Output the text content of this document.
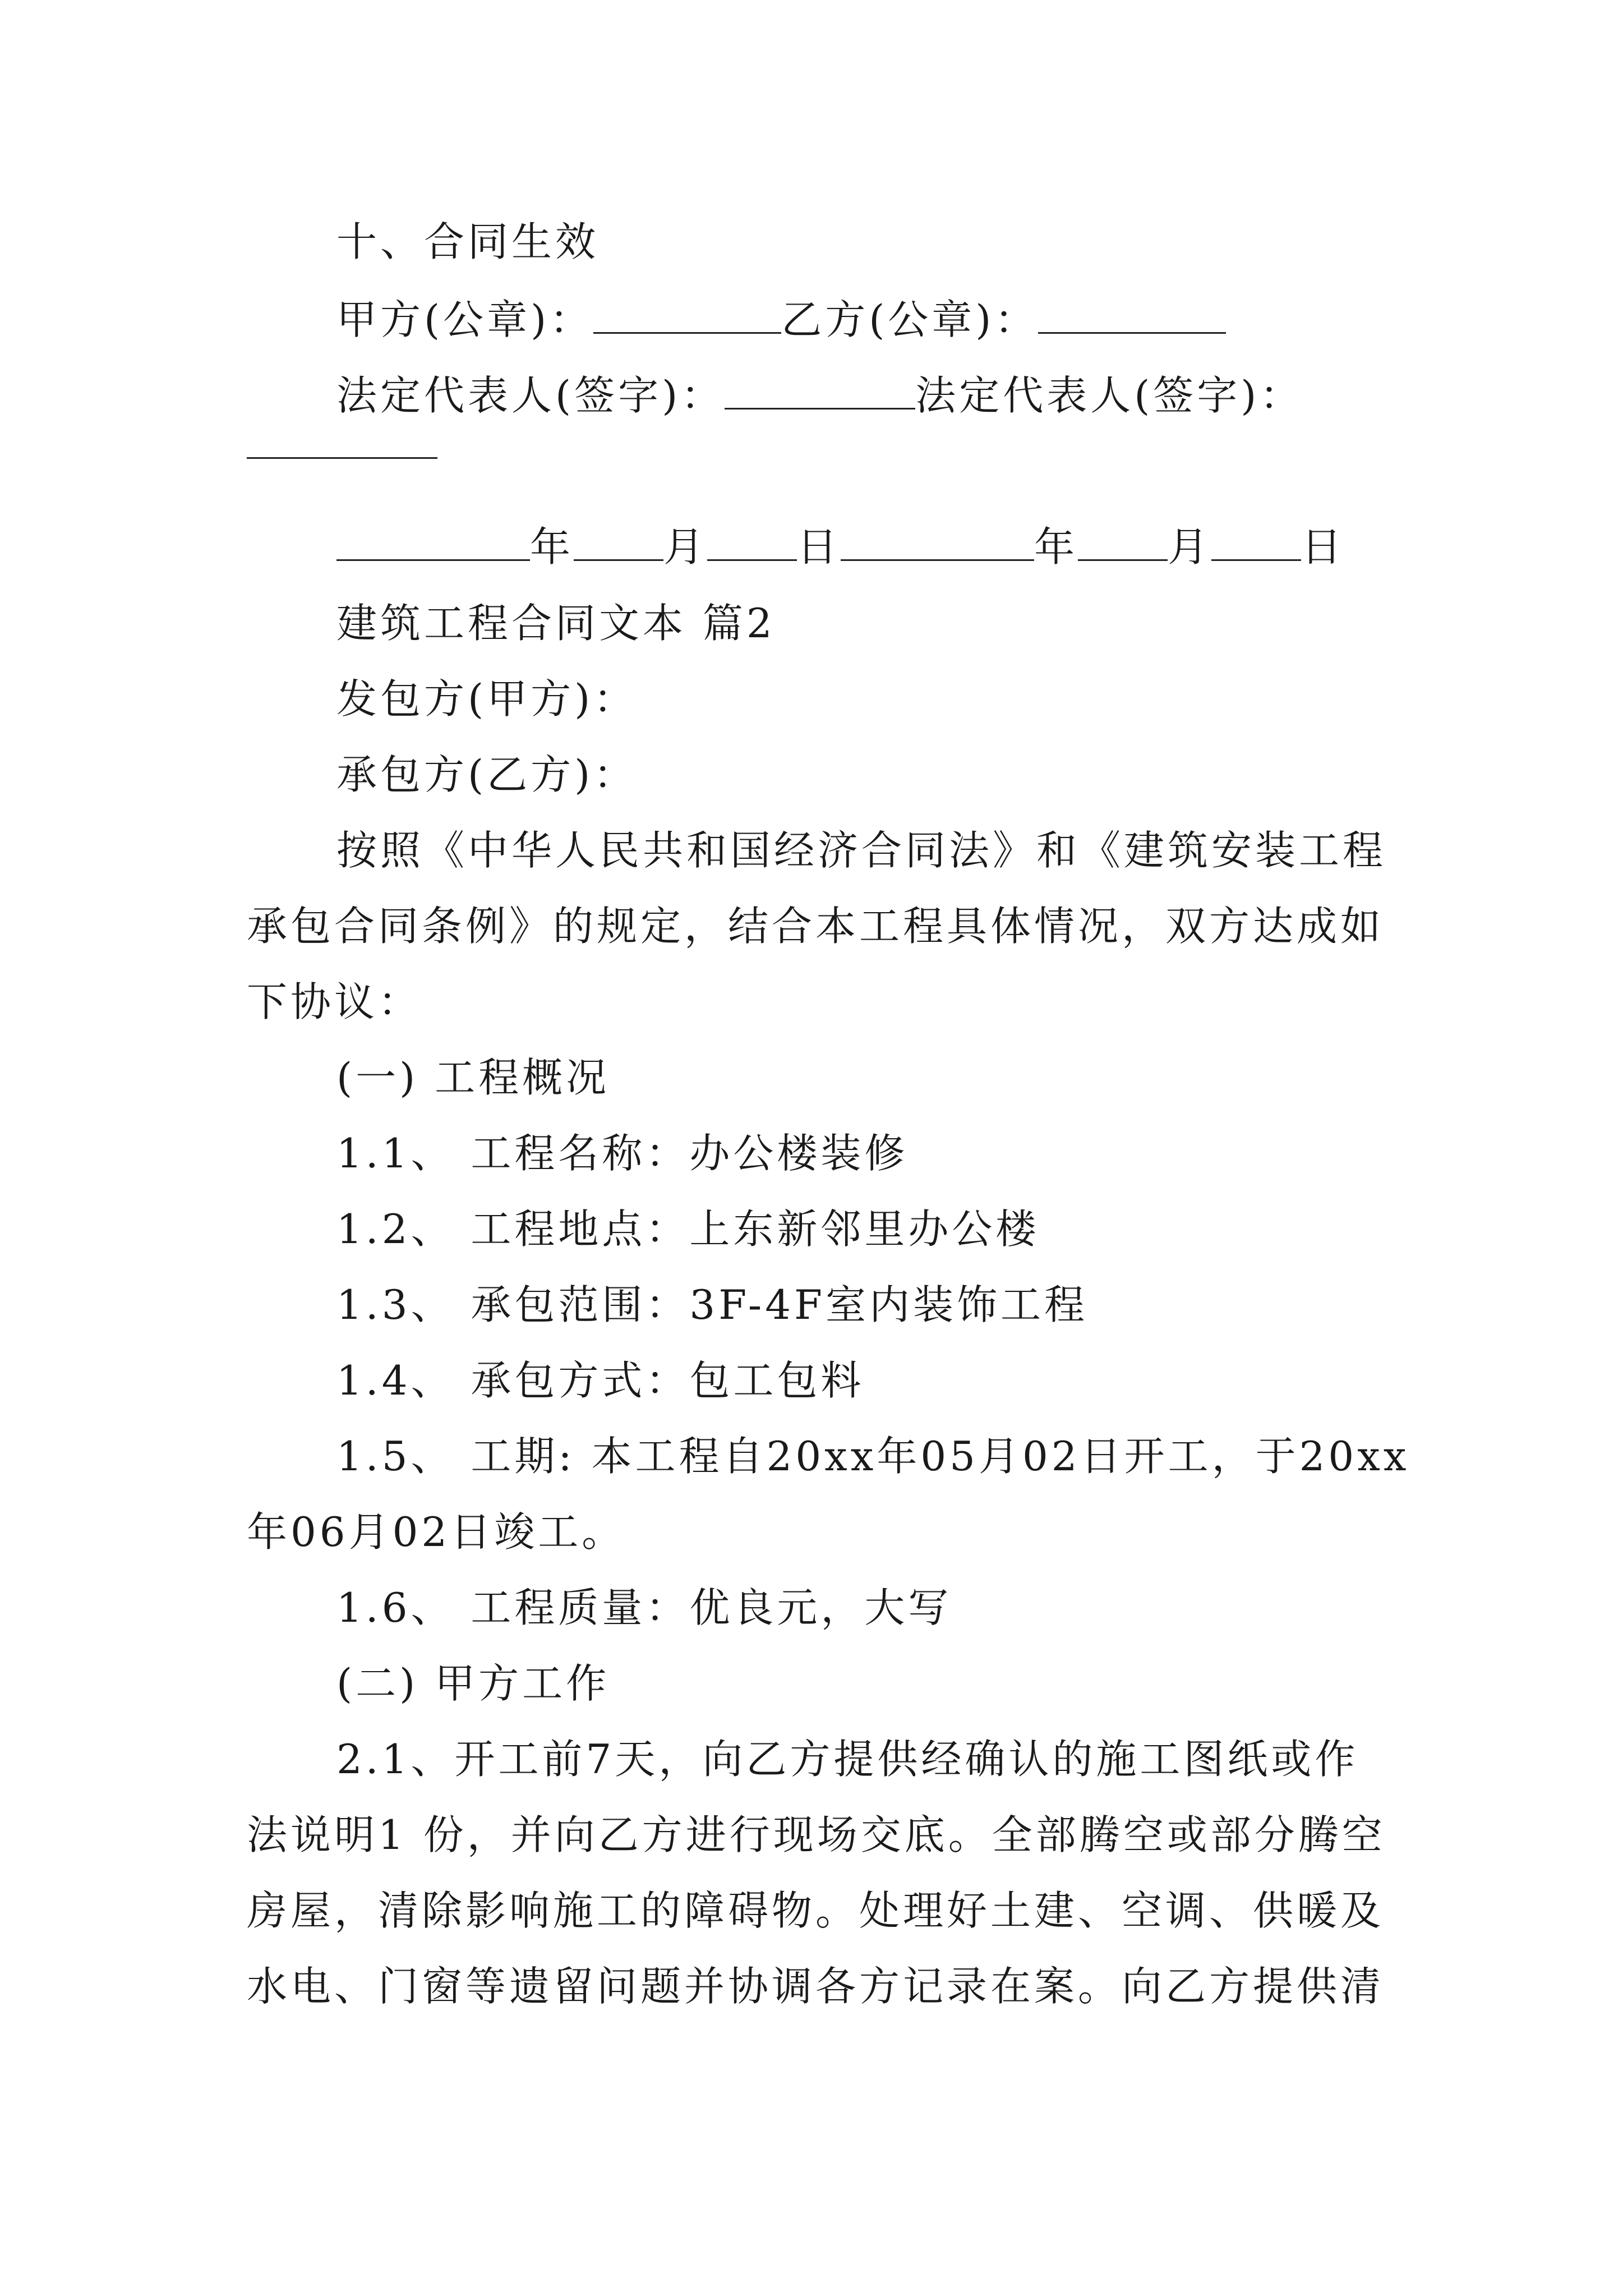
十、合同生效
甲方(公章)：	乙方(公章)：
法定代表人(签字)：	法定代表人(签字)：
年 月 日	年 月 日
建筑工程合同文本 篇2
发包方(甲方)：
承包方(乙方)：
按照《中华人民共和国经济合同法》和《建筑安装工程
承包合同条例》的规定，结合本工程具体情况，双方达成如
下协议：
(一) 工程概况
1.1、 工程名称：办公楼装修
1.2、 工程地点：上东新邻里办公楼
1.3、 承包范围：3F-4F室内装饰工程
1.4、 承包方式：包工包料
1.5、 工期: 本工程自20xx年05月02日开工，于20xx
年06月02日竣工。
1.6、 工程质量：优良元，大写
(二) 甲方工作
2.1、开工前7天，向乙方提供经确认的施工图纸或作
法说明1 份，并向乙方进行现场交底。全部腾空或部分腾空
房屋，清除影响施工的障碍物。处理好土建、空调、供暖及
水电、门窗等遗留问题并协调各方记录在案。向乙方提供清
